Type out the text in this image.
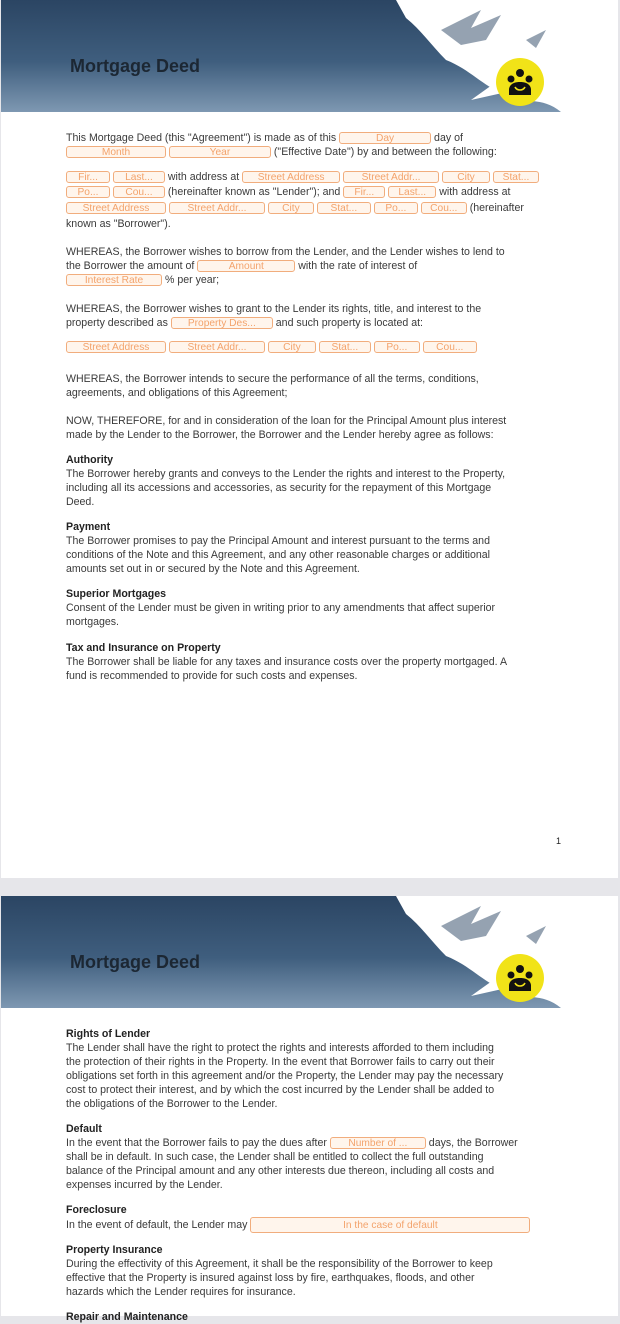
Mortgage Deed
This Mortgage Deed (this "Agreement") is made as of this	Day	day of
Month	Year	("Effective Date") by and between the following:
Fir...	Last... with address at Street Address	Street Addr...	City	Stat...
Po...	Cou... (hereinafter known as "Lender"); and Fir... Last... with address at
Street Address	Street Addr...	City	Stat...	Po... Cou... (hereinafter
known as "Borrower").
WHEREAS, the Borrower wishes to borrow from the Lender, and the Lender wishes to lend to
the Borrower the amount of	Amount	with the rate of interest of
Interest Rate % per year;
WHEREAS, the Borrower wishes to grant to the Lender its rights, title, and interest to the
property described as Property Des... and such property is located at:
Street Address	Street Addr...	City	Stat...	Po...	Cou...
WHEREAS, the Borrower intends to secure the performance of all the terms, conditions,
agreements, and obligations of this Agreement;
NOW, THEREFORE, for and in consideration of the loan for the Principal Amount plus interest
made by the Lender to the Borrower, the Borrower and the Lender hereby agree as follows:
Authority
The Borrower hereby grants and conveys to the Lender the rights and interest to the Property,
including all its accessions and accessories, as security for the repayment of this Mortgage
Deed.
Payment
The Borrower promises to pay the Principal Amount and interest pursuant to the terms and
conditions of the Note and this Agreement, and any other reasonable charges or additional
amounts set out in or secured by the Note and this Agreement.
Superior Mortgages
Consent of the Lender must be given in writing prior to any amendments that affect superior
mortgages.
Tax and Insurance on Property
The Borrower shall be liable for any taxes and insurance costs over the property mortgaged. A
fund is recommended to provide for such costs and expenses.
1
Mortgage Deed
Rights of Lender
The Lender shall have the right to protect the rights and interests afforded to them including
the protection of their rights in the Property. In the event that Borrower fails to carry out their
obligations set forth in this agreement and/or the Property, the Lender may pay the necessary
cost to protect their interest, and by which the cost incurred by the Lender shall be added to
the obligations of the Borrower to the Lender.
Default
In the event that the Borrower fails to pay the dues after Number of ... days, the Borrower
shall be in default. In such case, the Lender shall be entitled to collect the full outstanding
balance of the Principal amount and any other interests due thereon, including all costs and
expenses incurred by the Lender.
Foreclosure
In the event of default, the Lender may	In the case of default
Property Insurance
During the effectivity of this Agreement, it shall be the responsibility of the Borrower to keep
effective that the Property is insured against loss by fire, earthquakes, floods, and other
hazards which the Lender requires for insurance.
Repair and Maintenance
